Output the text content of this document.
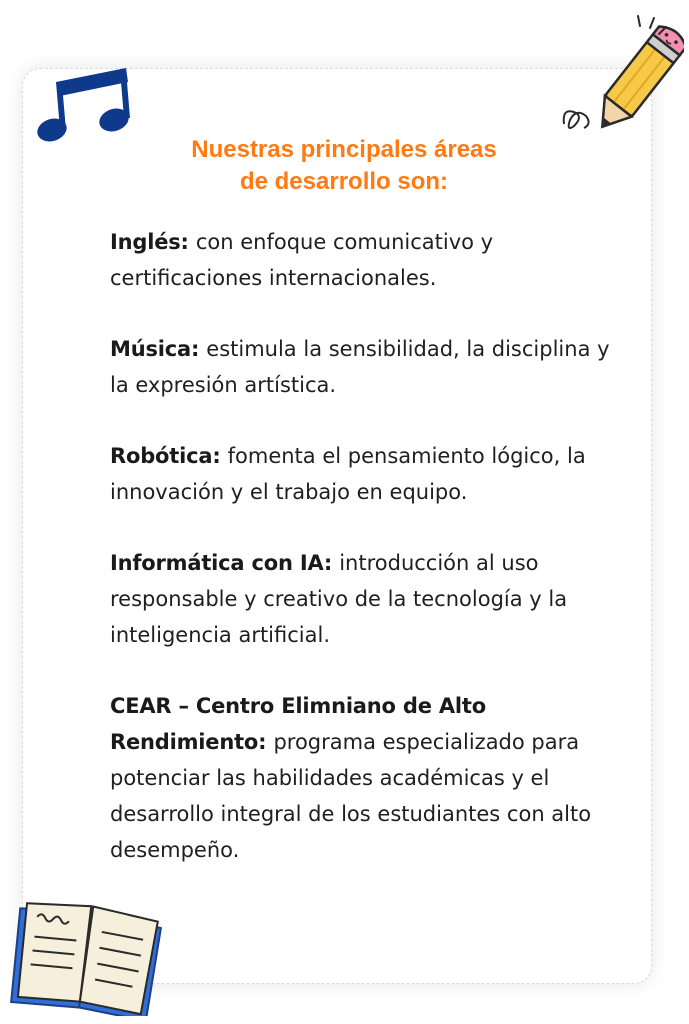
Nuestras principales áreas
de desarrollo son:
Inglés: con enfoque comunicativo y certificaciones internacionales.
Música: estimula la sensibilidad, la disciplina y la expresión artística.
Robótica: fomenta el pensamiento lógico, la innovación y el trabajo en equipo.
Informática con IA: introducción al uso responsable y creativo de la tecnología y la inteligencia artificial.
CEAR – Centro Elimniano de Alto Rendimiento: programa especializado para potenciar las habilidades académicas y el desarrollo integral de los estudiantes con alto desempeño.
